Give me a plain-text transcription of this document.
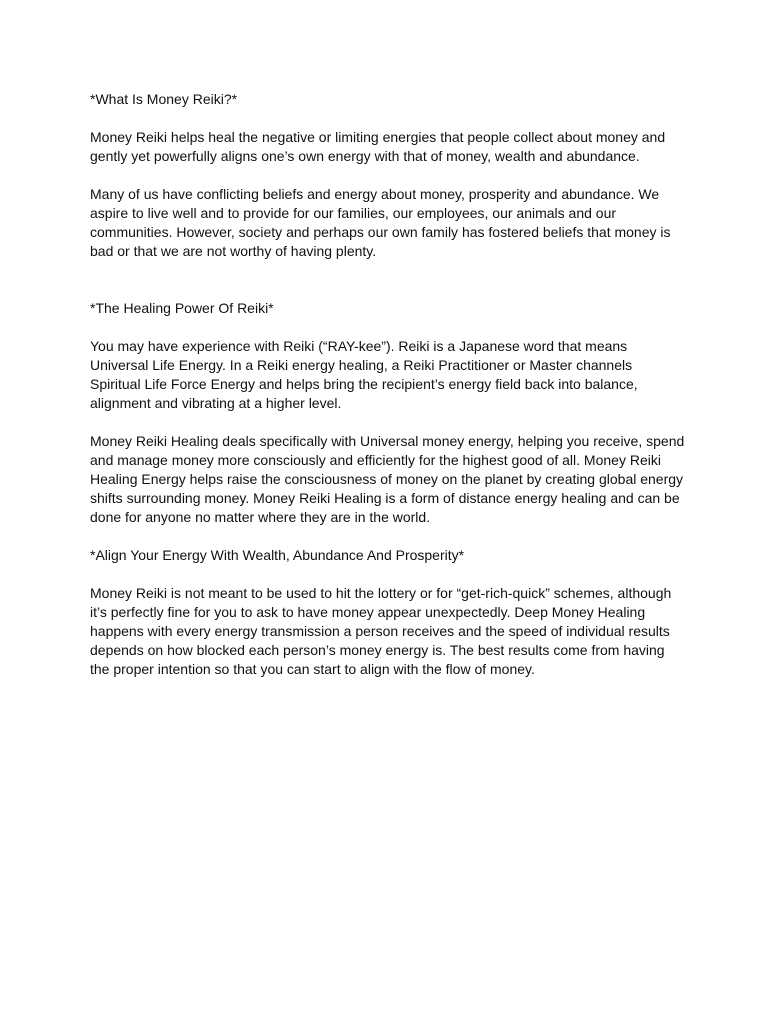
*What Is Money Reiki?*

Money Reiki helps heal the negative or limiting energies that people collect about money and

gently yet powerfully aligns one’s own energy with that of money, wealth and abundance.

Many of us have conflicting beliefs and energy about money, prosperity and abundance. We

aspire to live well and to provide for our families, our employees, our animals and our

communities. However, society and perhaps our own family has fostered beliefs that money is

bad or that we are not worthy of having plenty.

*The Healing Power Of Reiki*

You may have experience with Reiki (“RAY-kee”). Reiki is a Japanese word that means

Universal Life Energy. In a Reiki energy healing, a Reiki Practitioner or Master channels

Spiritual Life Force Energy and helps bring the recipient’s energy field back into balance,

alignment and vibrating at a higher level.

Money Reiki Healing deals specifically with Universal money energy, helping you receive, spend

and manage money more consciously and efficiently for the highest good of all. Money Reiki

Healing Energy helps raise the consciousness of money on the planet by creating global energy

shifts surrounding money. Money Reiki Healing is a form of distance energy healing and can be

done for anyone no matter where they are in the world.

*Align Your Energy With Wealth, Abundance And Prosperity*

Money Reiki is not meant to be used to hit the lottery or for “get-rich-quick” schemes, although

it’s perfectly fine for you to ask to have money appear unexpectedly. Deep Money Healing

happens with every energy transmission a person receives and the speed of individual results

depends on how blocked each person’s money energy is. The best results come from having

the proper intention so that you can start to align with the flow of money.
